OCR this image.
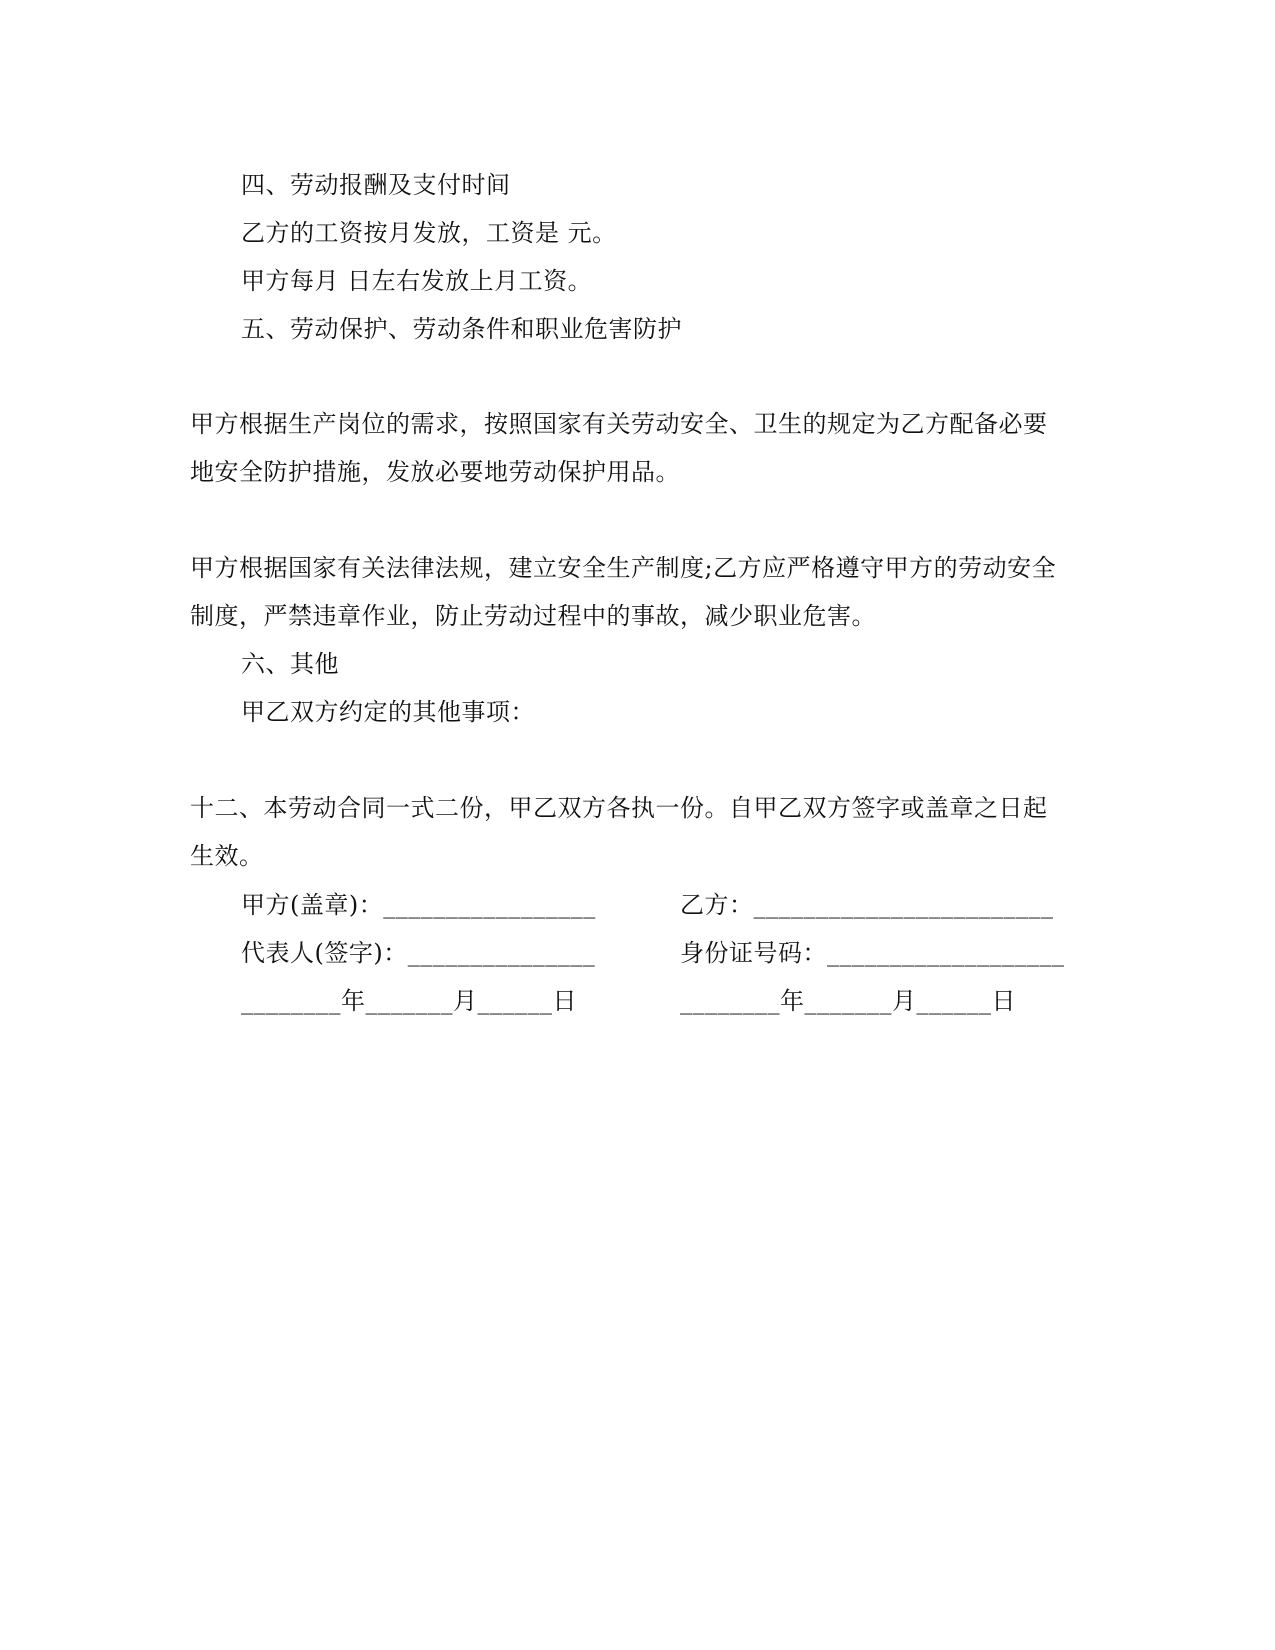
四、劳动报酬及支付时间
乙方的工资按月发放，工资是 元。
甲方每月 日左右发放上月工资。
五、劳动保护、劳动条件和职业危害防护
甲方根据生产岗位的需求，按照国家有关劳动安全、卫生的规定为乙方配备必要
地安全防护措施，发放必要地劳动保护用品。
甲方根据国家有关法律法规，建立安全生产制度;乙方应严格遵守甲方的劳动安全
制度，严禁违章作业，防止劳动过程中的事故，减少职业危害。
六、其他
甲乙双方约定的其他事项：
十二、本劳动合同一式二份，甲乙双方各执一份。自甲乙双方签字或盖章之日起
生效。
甲方(盖章)：_________________	乙方：________________________
代表人(签字)：_______________	身份证号码：___________________
________年_______月______日	________年_______月______日
